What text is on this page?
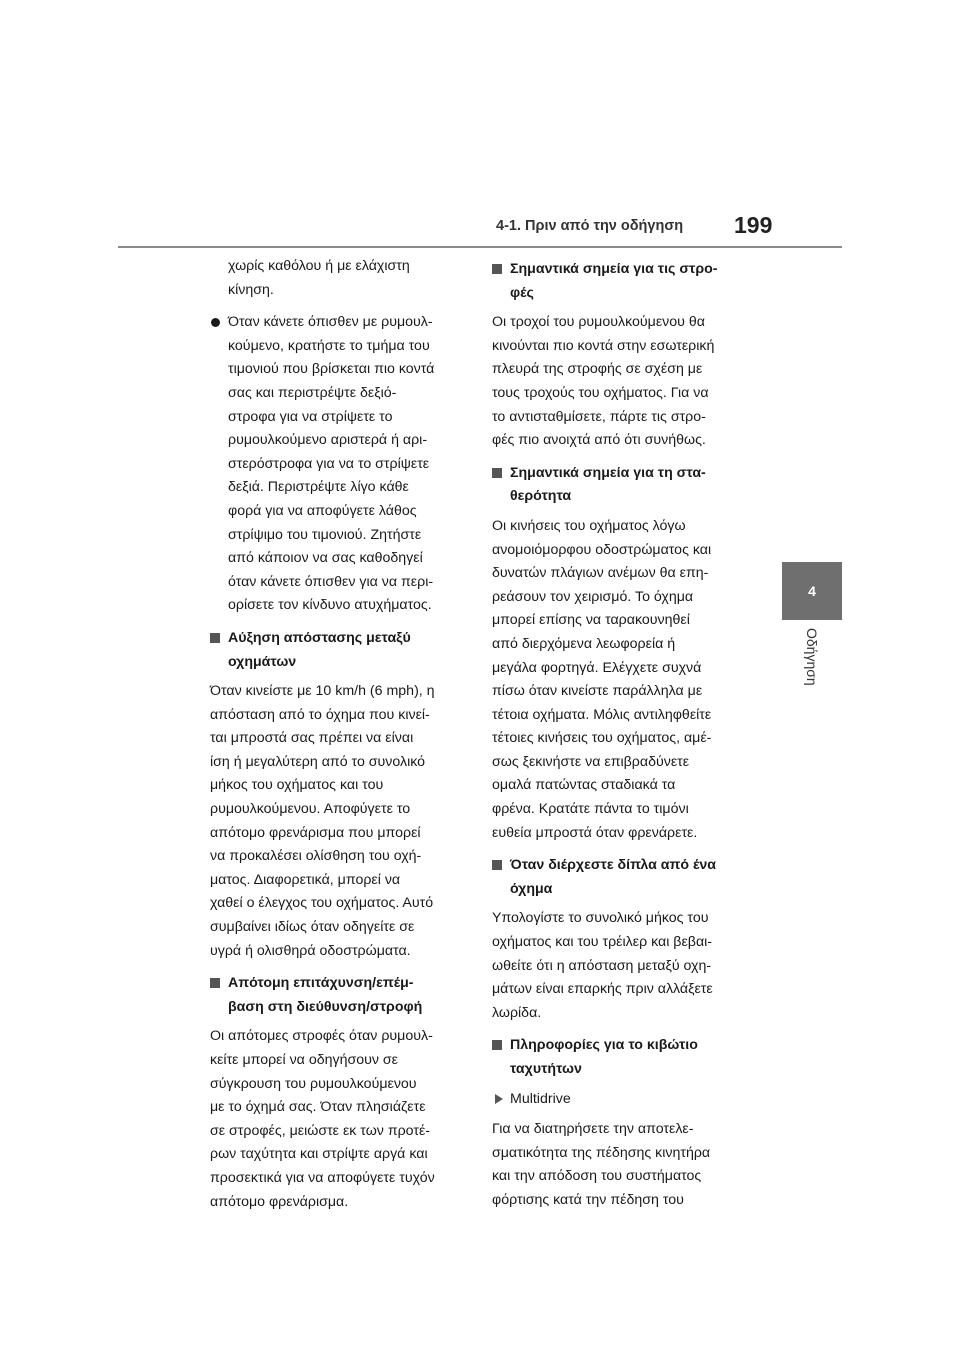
4-1. Πριν από την οδήγηση 199
4
Οδήγηση

χωρίς καθόλου ή με ελάχιστη
κίνηση.

Όταν κάνετε όπισθεν με ρυμουλ-
κούμενο, κρατήστε το τμήμα του
τιμονιού που βρίσκεται πιο κοντά
σας και περιστρέψτε δεξιό-
στροφα για να στρίψετε το
ρυμουλκούμενο αριστερά ή αρι-
στερόστροφα για να το στρίψετε
δεξιά. Περιστρέψτε λίγο κάθε
φορά για να αποφύγετε λάθος
στρίψιμο του τιμονιού. Ζητήστε
από κάποιον να σας καθοδηγεί
όταν κάνετε όπισθεν για να περι-
ορίσετε τον κίνδυνο ατυχήματος.
Αύξηση απόστασης μεταξύ
οχημάτων

Όταν κινείστε με 10 km/h (6 mph), η
απόσταση από το όχημα που κινεί-
ται μπροστά σας πρέπει να είναι
ίση ή μεγαλύτερη από το συνολικό
μήκος του οχήματος και του
ρυμουλκούμενου. Αποφύγετε το
απότομο φρενάρισμα που μπορεί
να προκαλέσει ολίσθηση του οχή-
ματος. Διαφορετικά, μπορεί να
χαθεί ο έλεγχος του οχήματος. Αυτό
συμβαίνει ιδίως όταν οδηγείτε σε
υγρά ή ολισθηρά οδοστρώματα.

Απότομη επιτάχυνση/επέμ-
βαση στη διεύθυνση/στροφή

Οι απότομες στροφές όταν ρυμουλ-
κείτε μπορεί να οδηγήσουν σε
σύγκρουση του ρυμουλκούμενου
με το όχημά σας. Όταν πλησιάζετε
σε στροφές, μειώστε εκ των προτέ-
ρων ταχύτητα και στρίψτε αργά και
προσεκτικά για να αποφύγετε τυχόν
απότομο φρενάρισμα.

Σημαντικά σημεία για τις στρο-
φές

Οι τροχοί του ρυμουλκούμενου θα
κινούνται πιο κοντά στην εσωτερική
πλευρά της στροφής σε σχέση με
τους τροχούς του οχήματος. Για να
το αντισταθμίσετε, πάρτε τις στρο-
φές πιο ανοιχτά από ότι συνήθως.

Σημαντικά σημεία για τη στα-
θερότητα

Οι κινήσεις του οχήματος λόγω
ανομοιόμορφου οδοστρώματος και
δυνατών πλάγιων ανέμων θα επη-
ρεάσουν τον χειρισμό. Το όχημα
μπορεί επίσης να ταρακουνηθεί
από διερχόμενα λεωφορεία ή
μεγάλα φορτηγά. Ελέγχετε συχνά
πίσω όταν κινείστε παράλληλα με
τέτοια οχήματα. Μόλις αντιληφθείτε
τέτοιες κινήσεις του οχήματος, αμέ-
σως ξεκινήστε να επιβραδύνετε
ομαλά πατώντας σταδιακά τα
φρένα. Κρατάτε πάντα το τιμόνι
ευθεία μπροστά όταν φρενάρετε.

Όταν διέρχεστε δίπλα από ένα
όχημα

Υπολογίστε το συνολικό μήκος του
οχήματος και του τρέιλερ και βεβαι-
ωθείτε ότι η απόσταση μεταξύ οχη-
μάτων είναι επαρκής πριν αλλάξετε
λωρίδα.

Πληροφορίες για το κιβώτιο
ταχυτήτων
Multidrive

Για να διατηρήσετε την αποτελε-
σματικότητα της πέδησης κινητήρα
και την απόδοση του συστήματος
φόρτισης κατά την πέδηση του
